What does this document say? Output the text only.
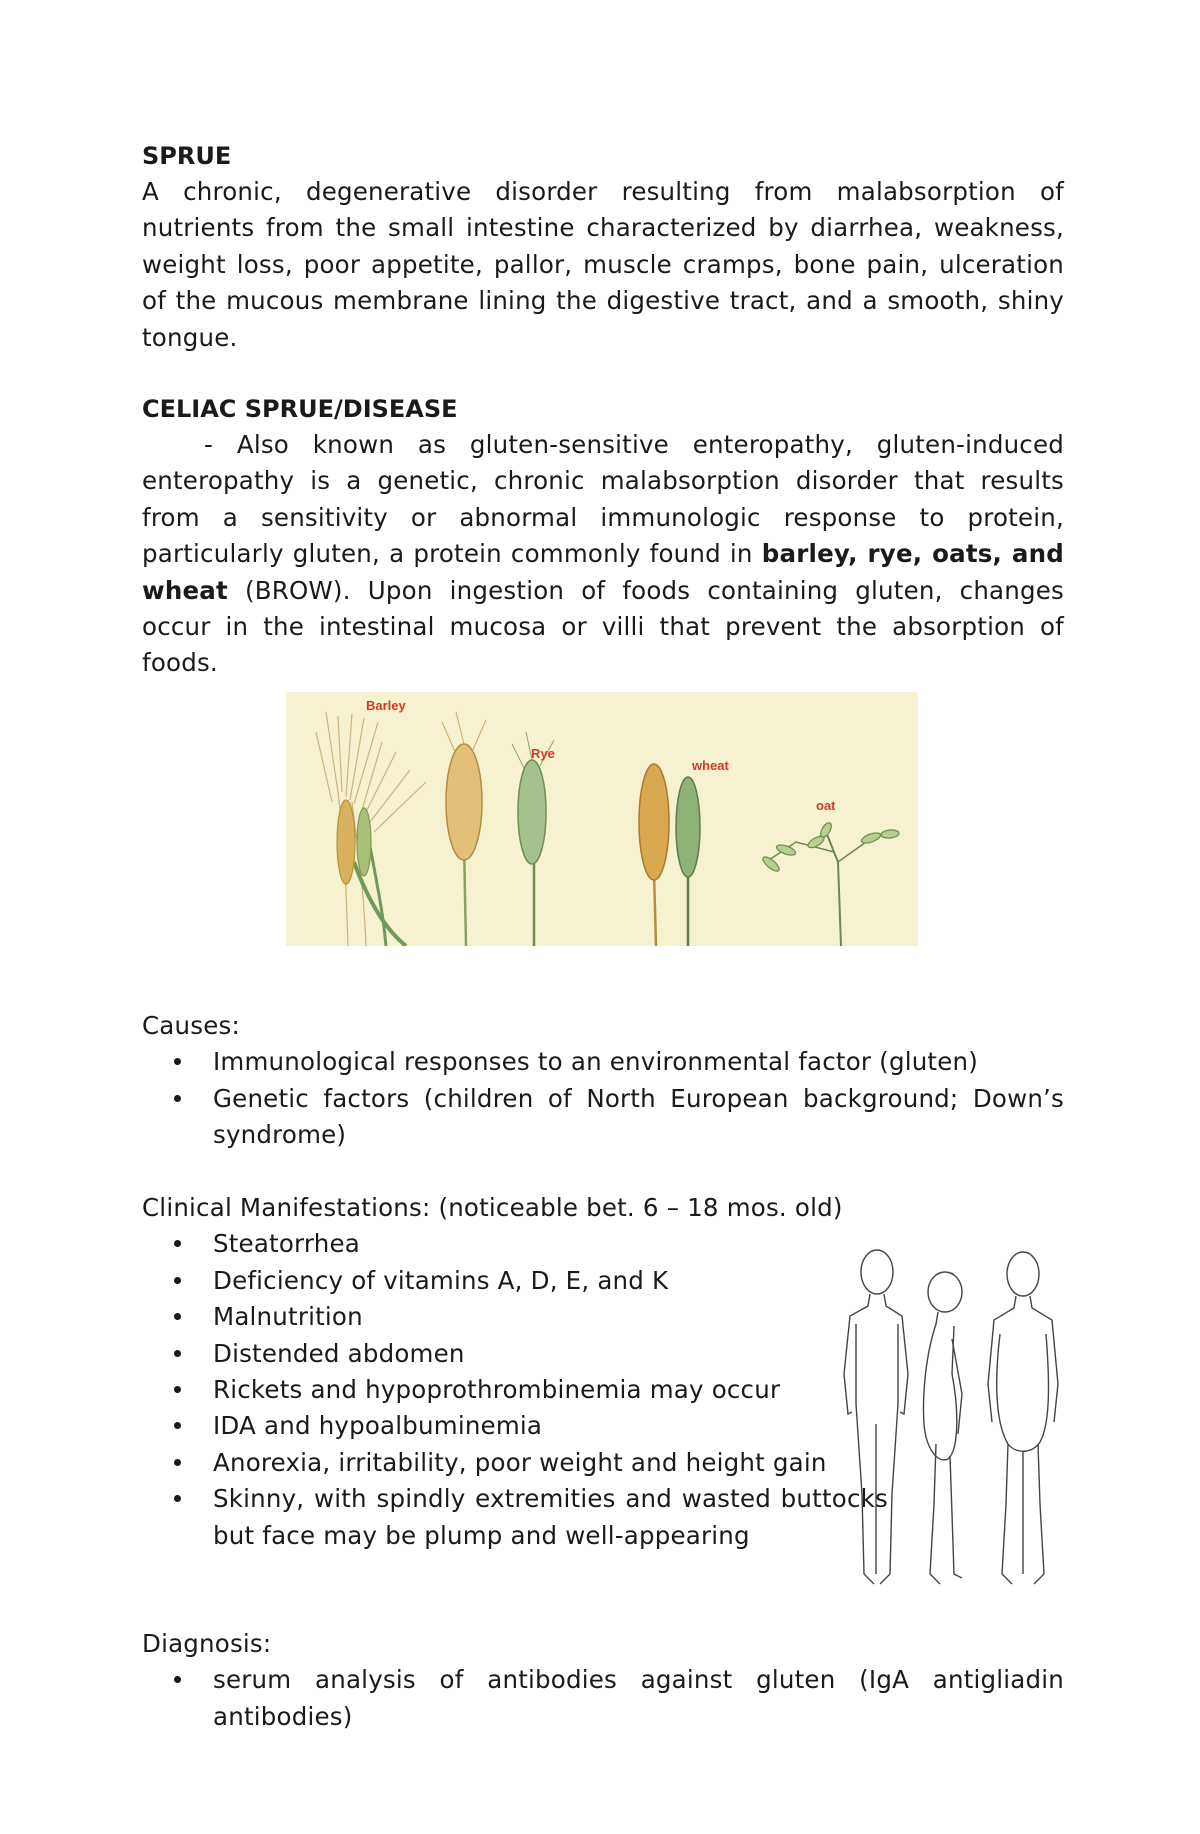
SPRUE

A chronic, degenerative disorder resulting from malabsorption of nutrients from the small intestine characterized by diarrhea, weakness, weight loss, poor appetite, pallor, muscle cramps, bone pain, ulceration of the mucous membrane lining the digestive tract, and a smooth, shiny tongue.

CELIAC SPRUE/DISEASE

- Also known as gluten-sensitive enteropathy, gluten-induced enteropathy is a genetic, chronic malabsorption disorder that results from a sensitivity or abnormal immunologic response to protein, particularly gluten, a protein commonly found in barley, rye, oats, and wheat (BROW). Upon ingestion of foods containing gluten, changes occur in the intestinal mucosa or villi that prevent the absorption of foods.

Barley
Rye
wheat
oat

Causes:

Immunological responses to an environmental factor (gluten)
Genetic factors (children of North European background; Down’s syndrome)

Clinical Manifestations: (noticeable bet. 6 – 18 mos. old)

Steatorrhea
Deficiency of vitamins A, D, E, and K
Malnutrition
Distended abdomen
Rickets and hypoprothrombinemia may occur
IDA and hypoalbuminemia
Anorexia, irritability, poor weight and height gain
Skinny, with spindly extremities and wasted buttocks but face may be plump and well-appearing

Diagnosis:

serum analysis of antibodies against gluten (IgA antigliadin antibodies)
